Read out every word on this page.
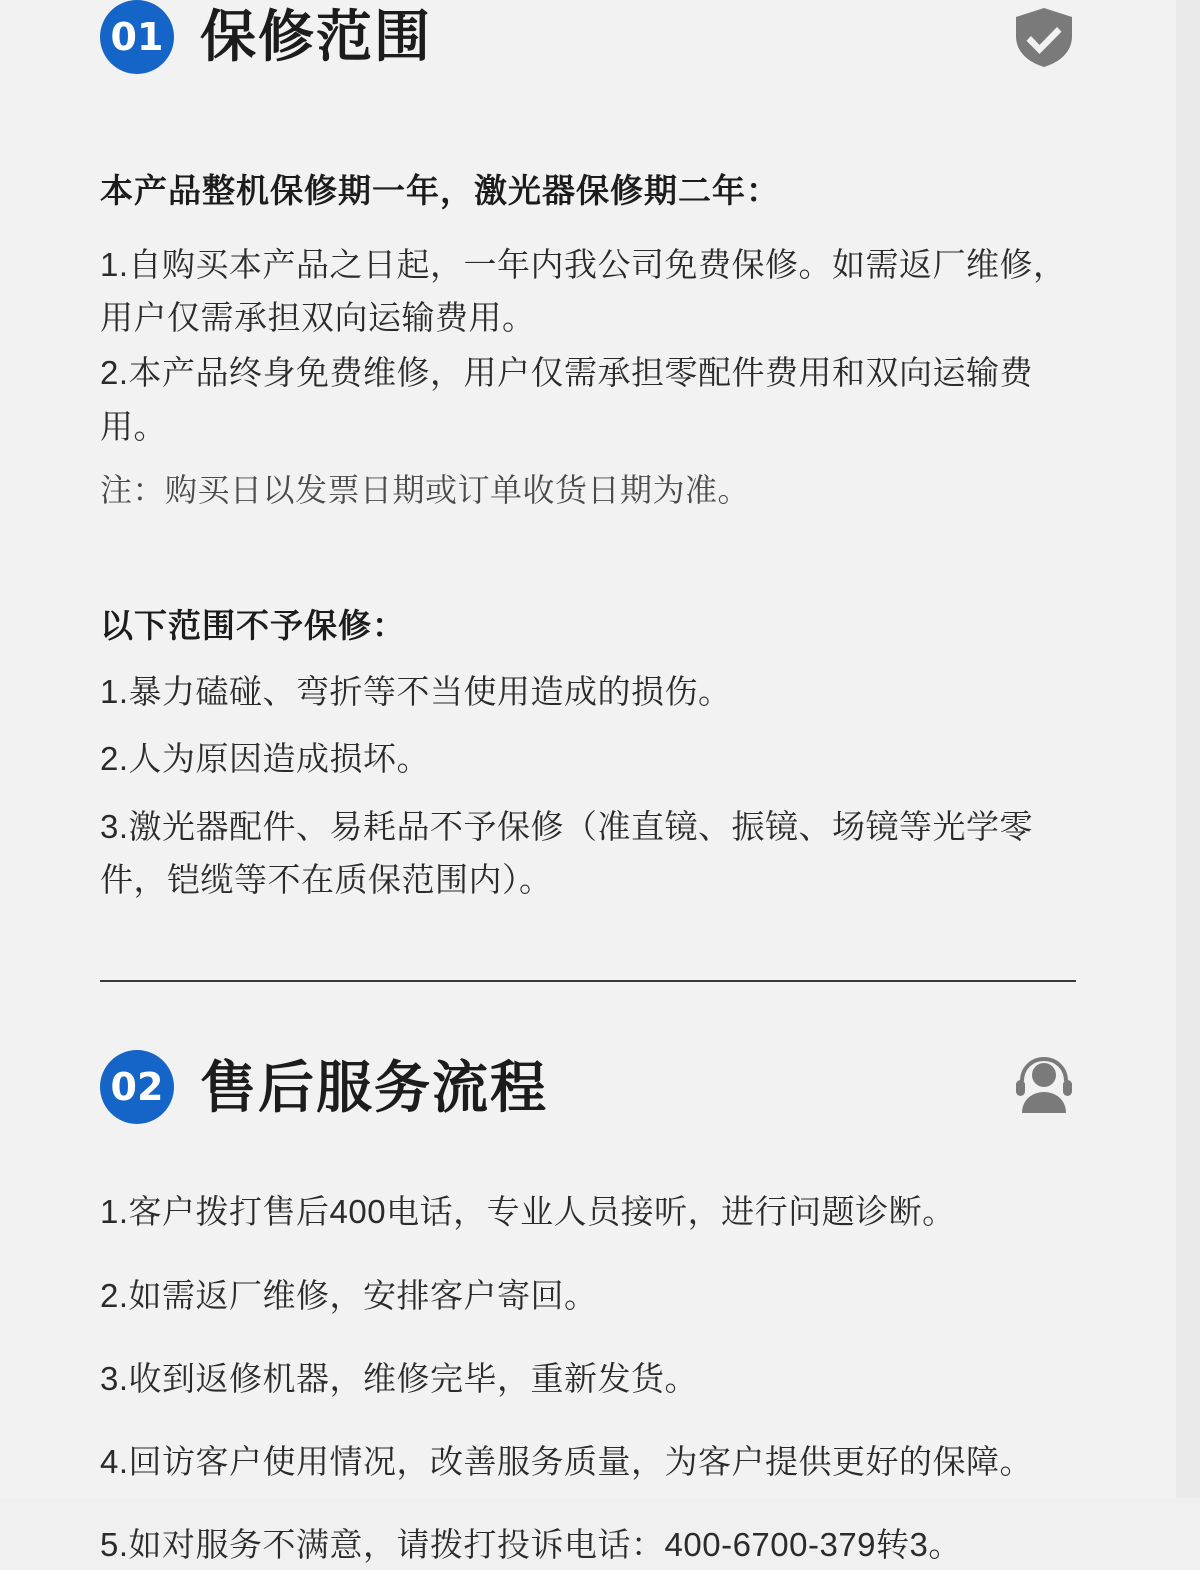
01 保修范围
本产品整机保修期一年，激光器保修期二年：
1.自购买本产品之日起，一年内我公司免费保修。如需返厂维修，用户仅需承担双向运输费用。
2.本产品终身免费维修，用户仅需承担零配件费用和双向运输费用。
注：购买日以发票日期或订单收货日期为准。
以下范围不予保修：
1.暴力磕碰、弯折等不当使用造成的损伤。
2.人为原因造成损坏。
3.激光器配件、易耗品不予保修（准直镜、振镜、场镜等光学零件，铠缆等不在质保范围内）。
02 售后服务流程
1.客户拨打售后400电话，专业人员接听，进行问题诊断。
2.如需返厂维修，安排客户寄回。
3.收到返修机器，维修完毕，重新发货。
4.回访客户使用情况，改善服务质量，为客户提供更好的保障。
5.如对服务不满意，请拨打投诉电话：400-6700-379转3。
